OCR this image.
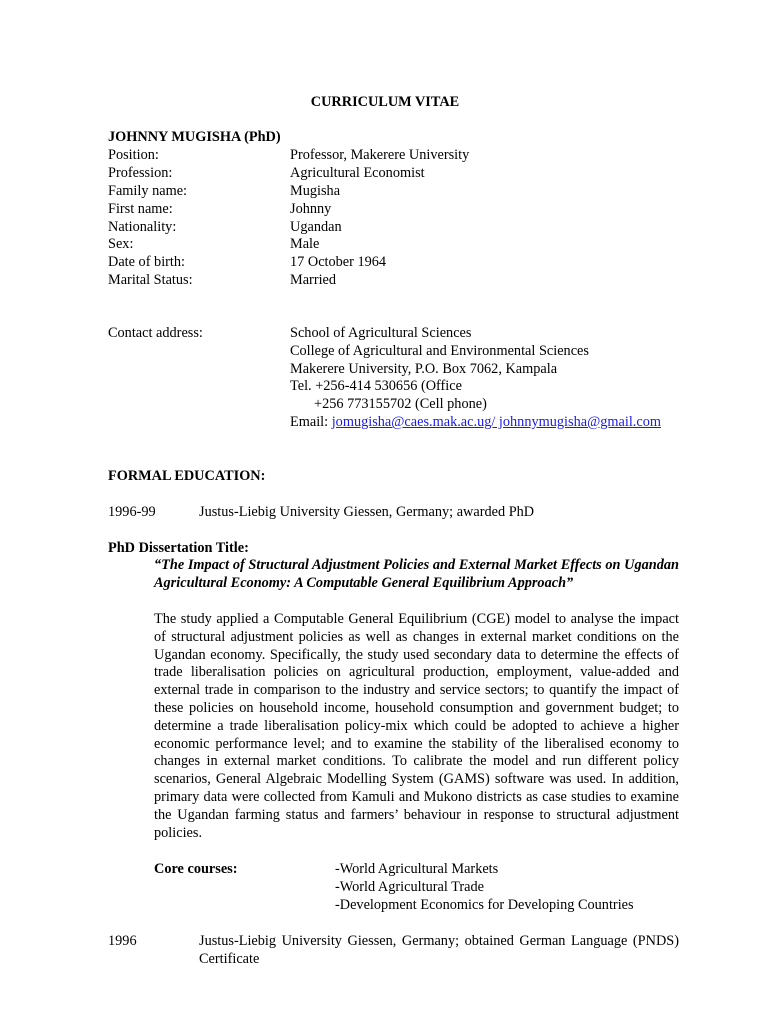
CURRICULUM VITAE
JOHNNY MUGISHA (PhD)
Position:	Professor, Makerere University
Profession:	Agricultural Economist
Family name:	Mugisha
First name:	Johnny
Nationality:	Ugandan
Sex:	Male
Date of birth:	17 October 1964
Marital Status:	Married
Contact address:	School of Agricultural Sciences
College of Agricultural and Environmental Sciences
Makerere University, P.O. Box 7062, Kampala
Tel. +256-414 530656 (Office
+256 773155702 (Cell phone)
Email: jomugisha@caes.mak.ac.ug/ johnnymugisha@gmail.com
FORMAL EDUCATION:
1996-99	Justus-Liebig University Giessen, Germany; awarded PhD
PhD Dissertation Title:
“The Impact of Structural Adjustment Policies and External Market Effects on Ugandan Agricultural Economy: A Computable General Equilibrium Approach”
The study applied a Computable General Equilibrium (CGE) model to analyse the impact of structural adjustment policies as well as changes in external market conditions on the Ugandan economy. Specifically, the study used secondary data to determine the effects of trade liberalisation policies on agricultural production, employment, value-added and external trade in comparison to the industry and service sectors; to quantify the impact of these policies on household income, household consumption and government budget; to determine a trade liberalisation policy-mix which could be adopted to achieve a higher economic performance level; and to examine the stability of the liberalised economy to changes in external market conditions. To calibrate the model and run different policy scenarios, General Algebraic Modelling System (GAMS) software was used. In addition, primary data were collected from Kamuli and Mukono districts as case studies to examine the Ugandan farming status and farmers’ behaviour in response to structural adjustment policies.
Core courses:	-World Agricultural Markets
-World Agricultural Trade
-Development Economics for Developing Countries
1996	Justus-Liebig University Giessen, Germany; obtained German Language (PNDS) Certificate
